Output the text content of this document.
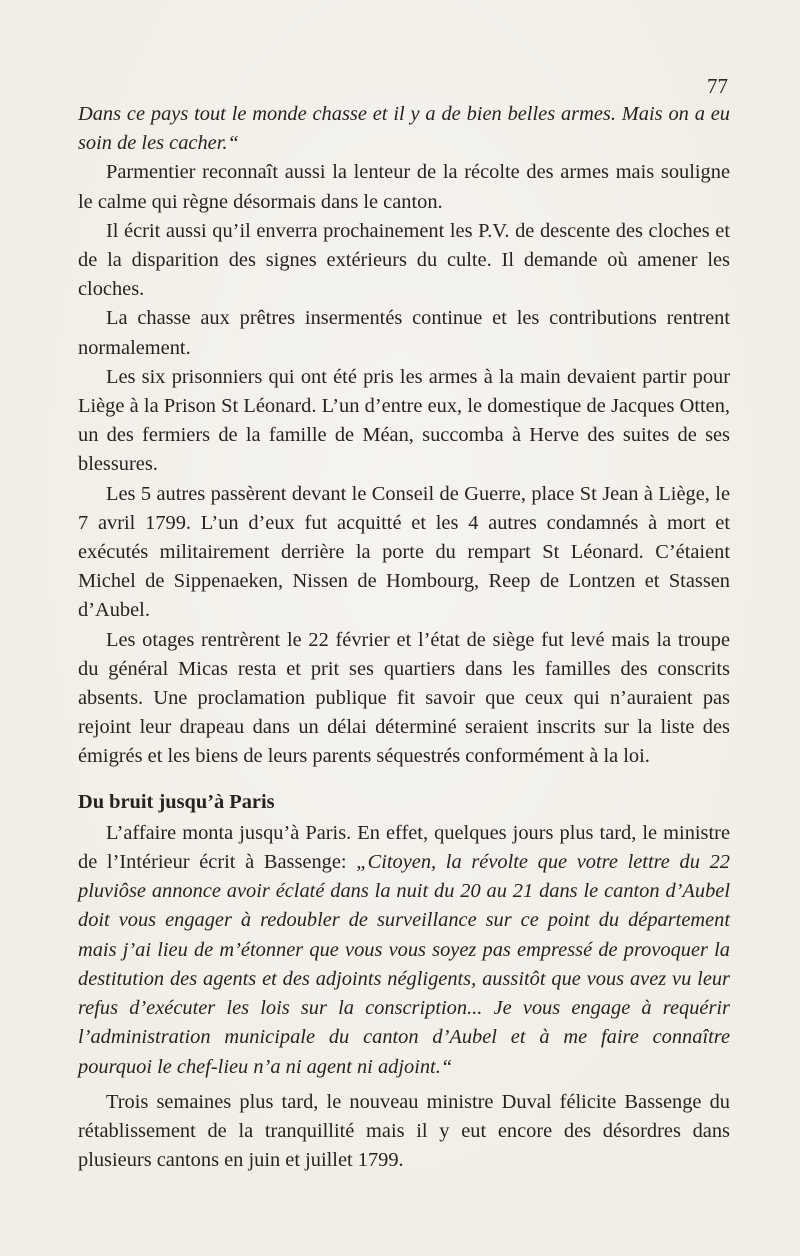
77

Dans ce pays tout le monde chasse et il y a de bien belles armes. Mais on a eu soin de les cacher.“

Parmentier reconnaît aussi la lenteur de la récolte des armes mais souligne le calme qui règne désormais dans le canton.

Il écrit aussi qu’il enverra prochainement les P.V. de descente des cloches et de la disparition des signes extérieurs du culte. Il demande où amener les cloches.

La chasse aux prêtres insermentés continue et les contributions rentrent normalement.

Les six prisonniers qui ont été pris les armes à la main devaient partir pour Liège à la Prison St Léonard. L’un d’entre eux, le domestique de Jacques Otten, un des fermiers de la famille de Méan, succomba à Herve des suites de ses blessures.

Les 5 autres passèrent devant le Conseil de Guerre, place St Jean à Liège, le 7 avril 1799. L’un d’eux fut acquitté et les 4 autres condamnés à mort et exécutés militairement derrière la porte du rempart St Léonard. C’étaient Michel de Sippenaeken, Nissen de Hombourg, Reep de Lontzen et Stassen d’Aubel.

Les otages rentrèrent le 22 février et l’état de siège fut levé mais la troupe du général Micas resta et prit ses quartiers dans les familles des conscrits absents. Une proclamation publique fit savoir que ceux qui n’auraient pas rejoint leur drapeau dans un délai déterminé seraient inscrits sur la liste des émigrés et les biens de leurs parents séquestrés conformément à la loi.

Du bruit jusqu’à Paris

L’affaire monta jusqu’à Paris. En effet, quelques jours plus tard, le ministre de l’Intérieur écrit à Bassenge: „Citoyen, la révolte que votre lettre du 22 pluviôse annonce avoir éclaté dans la nuit du 20 au 21 dans le canton d’Aubel doit vous engager à redoubler de surveillance sur ce point du département mais j’ai lieu de m’étonner que vous vous soyez pas empressé de provoquer la destitution des agents et des adjoints négligents, aussitôt que vous avez vu leur refus d’exécuter les lois sur la conscription... Je vous engage à requérir l’administration municipale du canton d’Aubel et à me faire connaître pourquoi le chef-lieu n’a ni agent ni adjoint.“

Trois semaines plus tard, le nouveau ministre Duval félicite Bassenge du rétablissement de la tranquillité mais il y eut encore des désordres dans plusieurs cantons en juin et juillet 1799.
